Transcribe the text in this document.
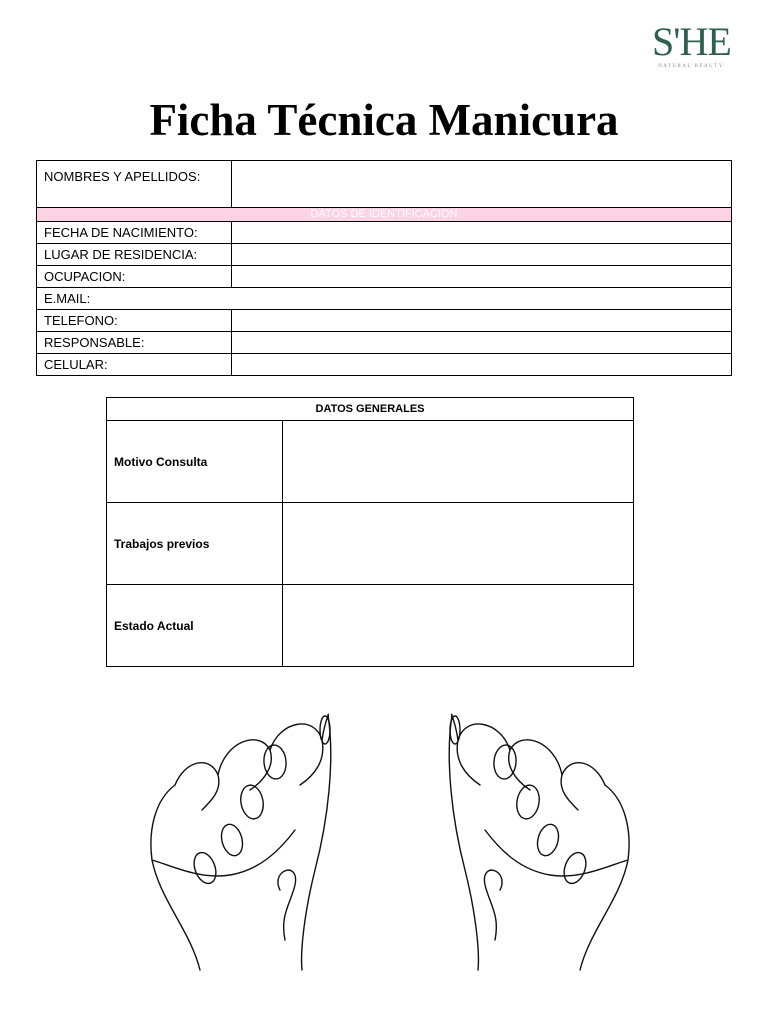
S'HE
NATURAL BEAUTY
Ficha Técnica Manicura
NOMBRES Y APELLIDOS:	
DATOS DE IDENTIFICACION	
FECHA DE NACIMIENTO:	
LUGAR DE RESIDENCIA:	
OCUPACION:	
E.MAIL:	
TELEFONO:	
RESPONSABLE:	
CELULAR:	
DATOS GENERALES	
Motivo Consulta	
Trabajos previos	
Estado Actual	
